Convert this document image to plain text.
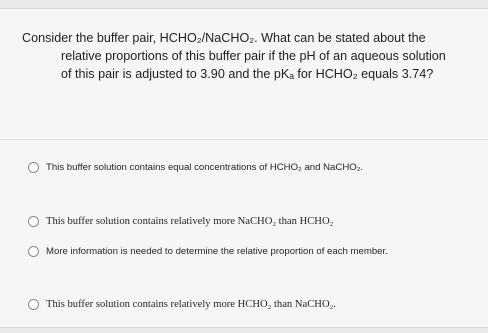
Consider the buffer pair, HCHO₂/NaCHO₂. What can be stated about the
relative proportions of this buffer pair if the pH of an aqueous solution
of this pair is adjusted to 3.90 and the pKₐ for HCHO₂ equals 3.74?
This buffer solution contains equal concentrations of HCHO₂ and NaCHO₂.
This buffer solution contains relatively more NaCHO₂ than HCHO₂
More information is needed to determine the relative proportion of each member.
This buffer solution contains relatively more HCHO₂ than NaCHO₂.
